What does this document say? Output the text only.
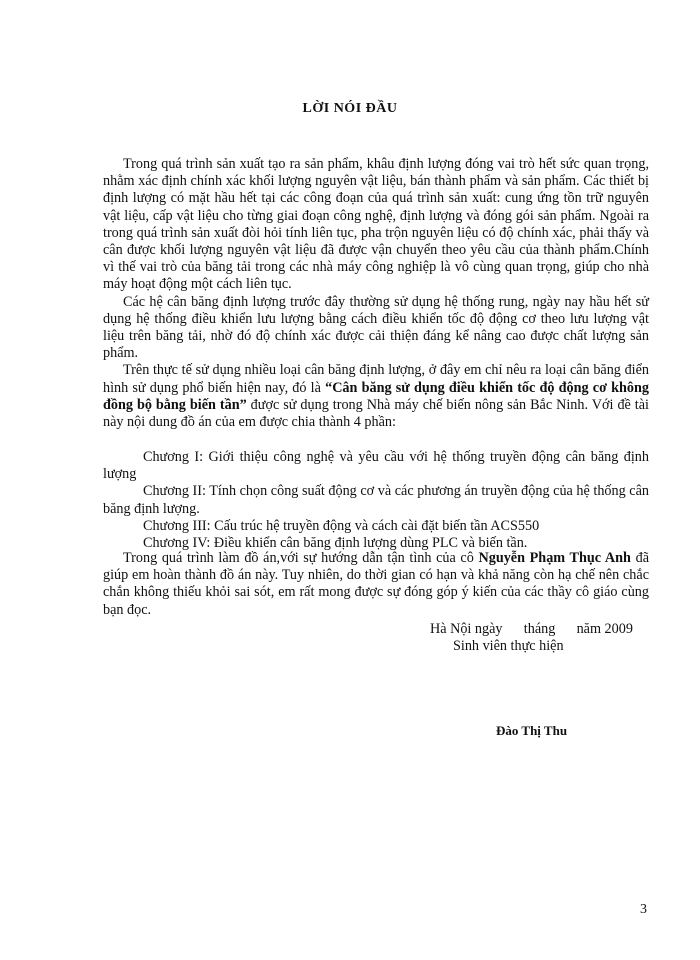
LỜI NÓI ĐẦU

Trong quá trình sản xuất tạo ra sản phẩm, khâu định lượng đóng vai trò hết sức quan trọng, nhằm xác định chính xác khối lượng nguyên vật liệu, bán thành phẩm và sản phẩm. Các thiết bị định lượng có mặt hầu hết tại các công đoạn của quá trình sản xuất: cung ứng tồn trữ nguyên vật liệu, cấp vật liệu cho từng giai đoạn công nghệ, định lượng và đóng gói sản phẩm. Ngoài ra trong quá trình sản xuất đòi hỏi tính liên tục, pha trộn nguyên liệu có độ chính xác, phải thấy và cân được khối lượng nguyên vật liệu đã được vận chuyển theo yêu cầu của thành phẩm.Chính vì thế vai trò của băng tải trong các nhà máy công nghiệp là vô cùng quan trọng, giúp cho nhà máy hoạt động một cách liên tục.

Các hệ cân băng định lượng trước đây thường sử dụng hệ thống rung, ngày nay hầu hết sử dụng hệ thống điều khiển lưu lượng bằng cách điều khiển tốc độ động cơ theo lưu lượng vật liệu trên băng tải, nhờ đó độ chính xác được cải thiện đáng kể nâng cao được chất lượng sản phẩm.

Trên thực tế sử dụng nhiều loại cân băng định lượng, ở đây em chỉ nêu ra loại cân băng điển hình sử dụng phổ biến hiện nay, đó là “Cân băng sử dụng điều khiển tốc độ động cơ không đồng bộ bằng biến tần” được sử dụng trong Nhà máy chế biến nông sản Bắc Ninh. Với đề tài này nội dung đồ án của em được chia thành 4 phần:

Chương I: Giới thiệu công nghệ và yêu cầu với hệ thống truyền động cân băng định lượng

Chương II: Tính chọn công suất động cơ và các phương án truyền động của hệ thống cân băng định lượng.

Chương III: Cấu trúc hệ truyền động và cách cài đặt biến tần ACS550

Chương IV: Điều khiển cân băng định lượng dùng PLC và biến tần.

Trong quá trình làm đồ án,với sự hướng dẫn tận tình của cô Nguyễn Phạm Thục Anh đã giúp em hoàn thành đồ án này. Tuy nhiên, do thời gian có hạn và khả năng còn hạ chế nên chắc chắn không thiếu khỏi sai sót, em rất mong được sự đóng góp ý kiến của các thầy cô giáo cùng bạn đọc.

Hà Nội ngày      tháng      năm 2009
Sinh viên thực hiện
Đào Thị Thu
3
